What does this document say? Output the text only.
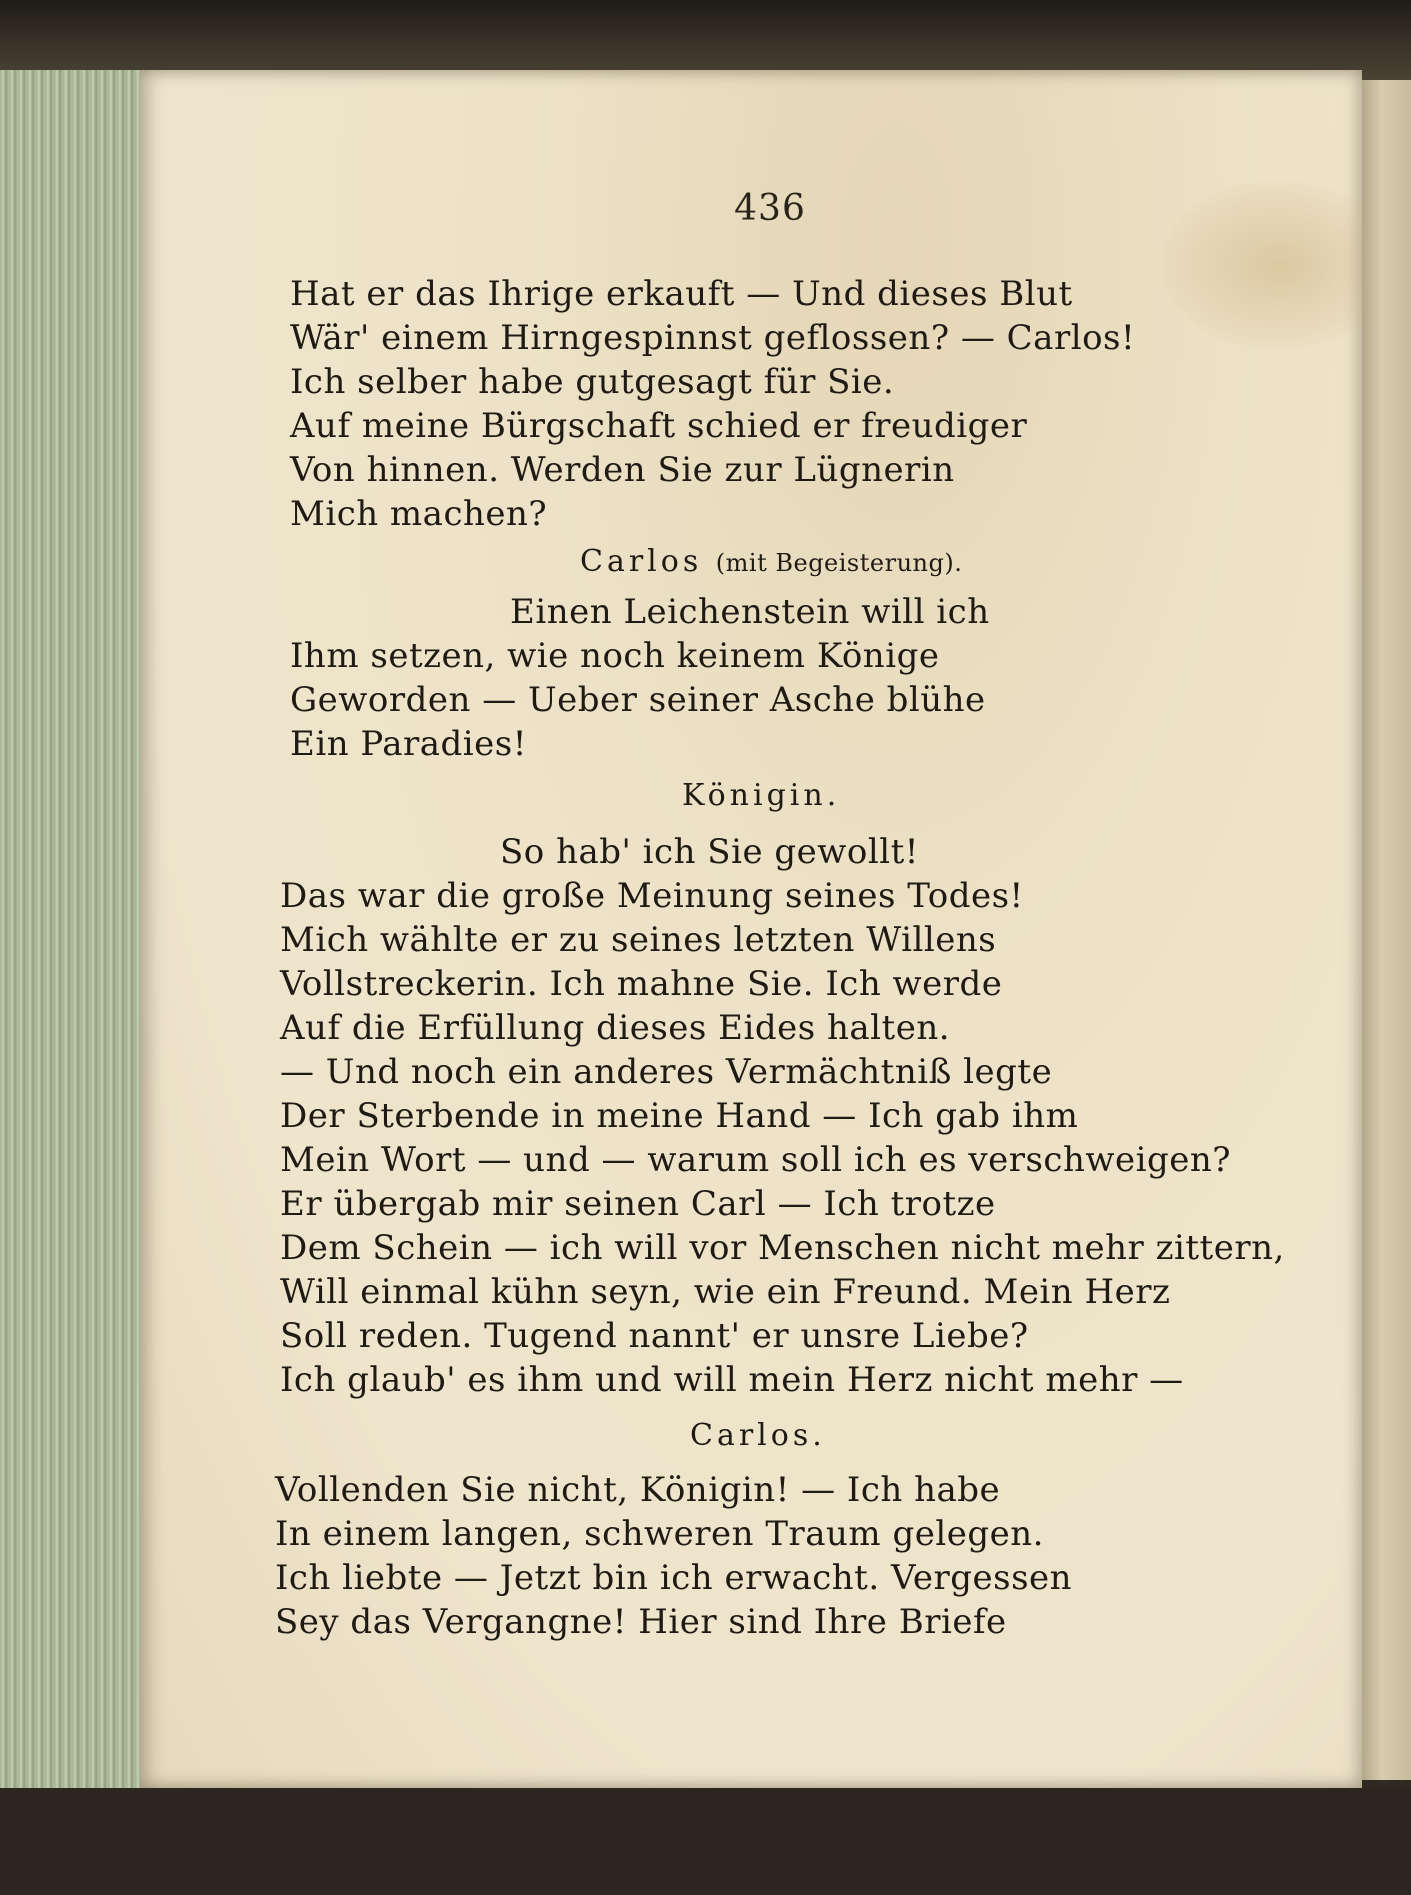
436
Hat er das Ihrige erkauft — Und dieses Blut
Wär' einem Hirngespinnst geflossen? — Carlos!
Ich selber habe gutgesagt für Sie.
Auf meine Bürgschaft schied er freudiger
Von hinnen. Werden Sie zur Lügnerin
Mich machen?
Carlos (mit Begeisterung).
Einen Leichenstein will ich
Ihm setzen, wie noch keinem Könige
Geworden — Ueber seiner Asche blühe
Ein Paradies!
Königin.
So hab' ich Sie gewollt!
Das war die große Meinung seines Todes!
Mich wählte er zu seines letzten Willens
Vollstreckerin. Ich mahne Sie. Ich werde
Auf die Erfüllung dieses Eides halten.
— Und noch ein anderes Vermächtniß legte
Der Sterbende in meine Hand — Ich gab ihm
Mein Wort — und — warum soll ich es verschweigen?
Er übergab mir seinen Carl — Ich trotze
Dem Schein — ich will vor Menschen nicht mehr zittern,
Will einmal kühn seyn, wie ein Freund. Mein Herz
Soll reden. Tugend nannt' er unsre Liebe?
Ich glaub' es ihm und will mein Herz nicht mehr —
Carlos.
Vollenden Sie nicht, Königin! — Ich habe
In einem langen, schweren Traum gelegen.
Ich liebte — Jetzt bin ich erwacht. Vergessen
Sey das Vergangne! Hier sind Ihre Briefe
